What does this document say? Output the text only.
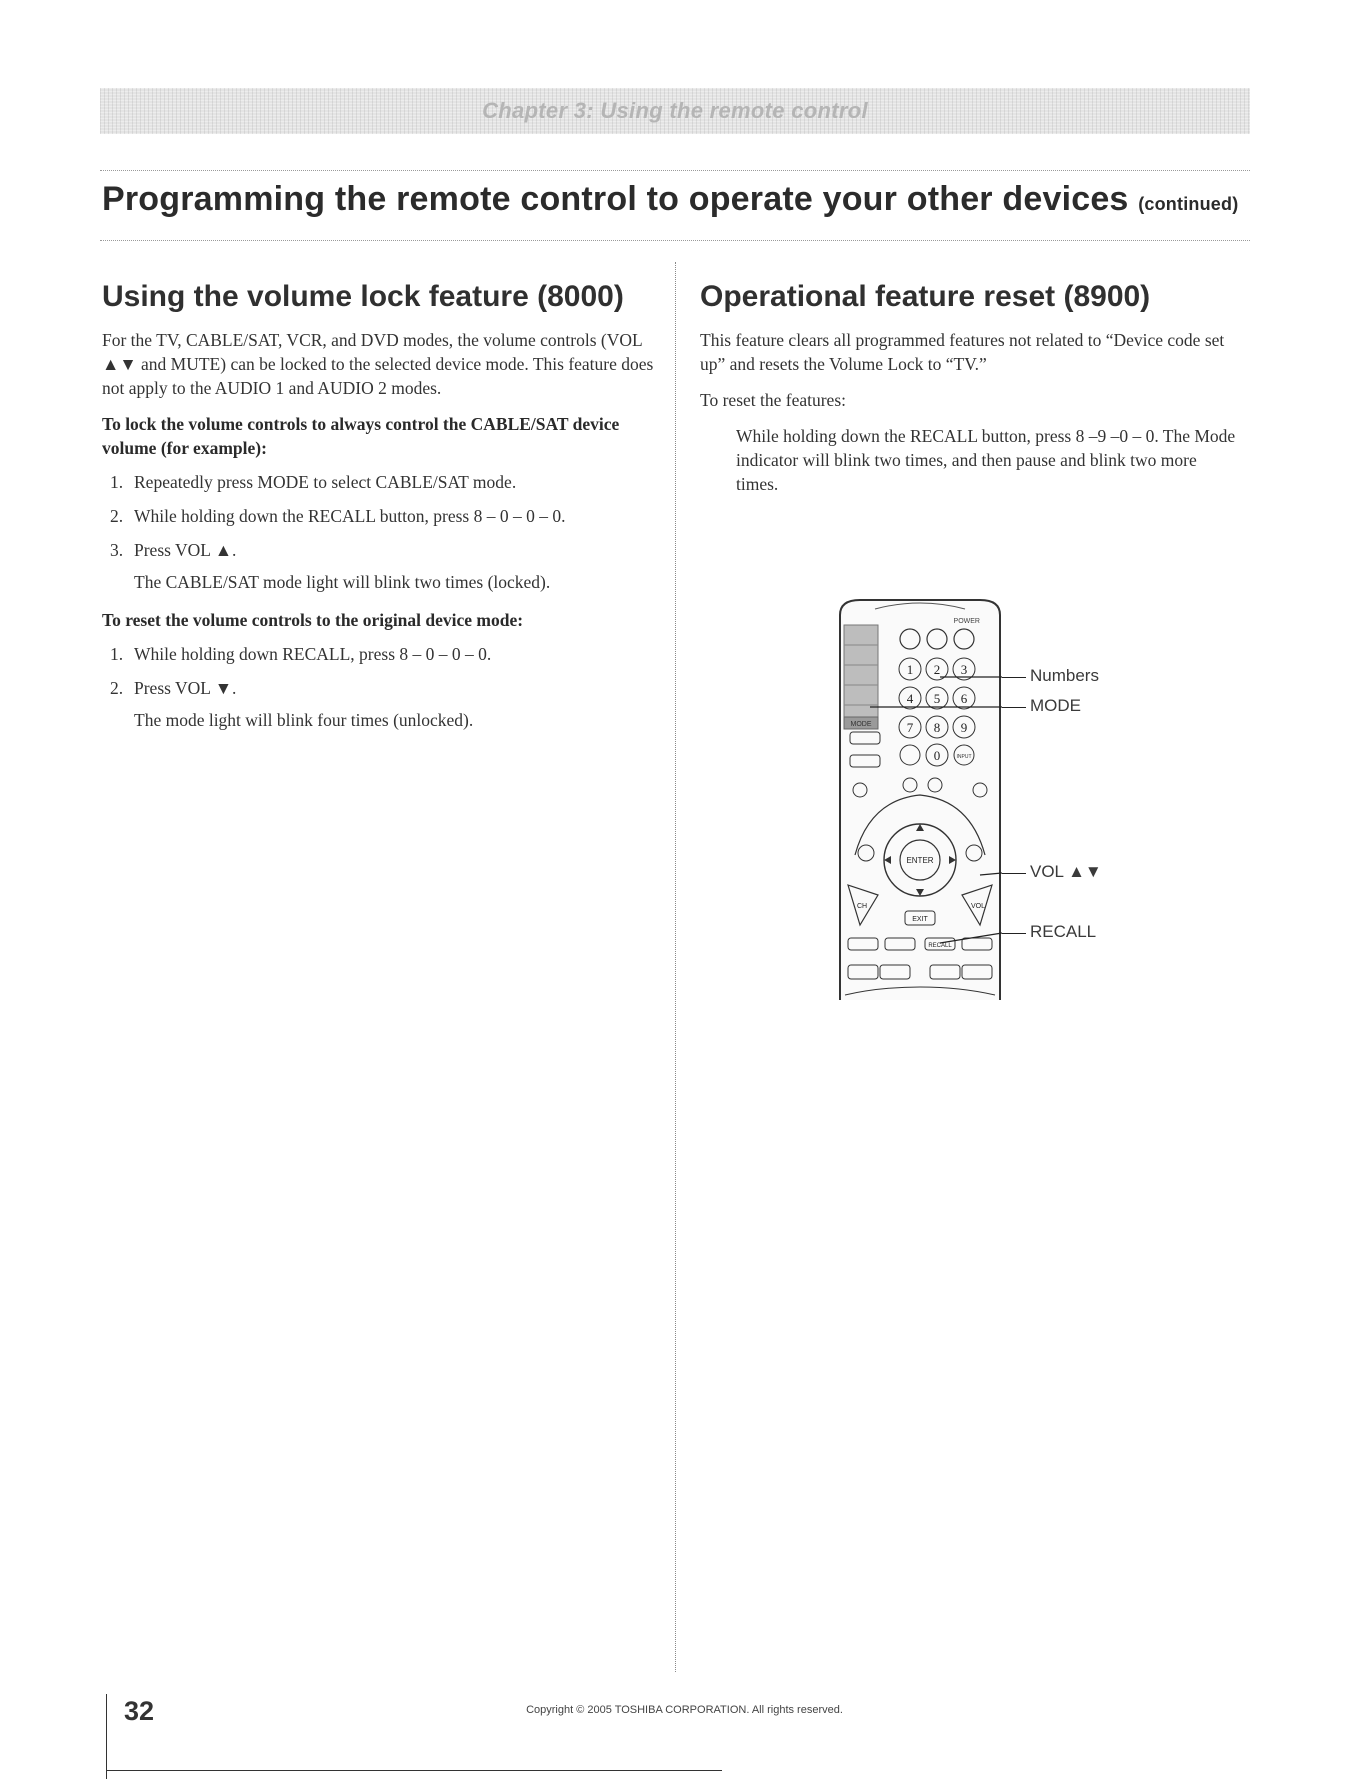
Chapter 3: Using the remote control
Programming the remote control to operate your other devices (continued)
Using the volume lock feature (8000)

For the TV, CABLE/SAT, VCR, and DVD modes, the volume controls (VOL ▲▼ and MUTE) can be locked to the selected device mode. This feature does not apply to the AUDIO 1 and AUDIO 2 modes.

To lock the volume controls to always control the CABLE/SAT device volume (for example):
1. Repeatedly press MODE to select CABLE/SAT mode.
2. While holding down the RECALL button, press 8 – 0 – 0 – 0.
3. Press VOL ▲.
The CABLE/SAT mode light will blink two times (locked).
To reset the volume controls to the original device mode:
1. While holding down RECALL, press 8 – 0 – 0 – 0.
2. Press VOL ▼.
The mode light will blink four times (unlocked).
Operational feature reset (8900)

This feature clears all programmed features not related to “Device code set up” and resets the Volume Lock to “TV.”

To reset the features:

While holding down the RECALL button, press 8 –9 –0 – 0. The Mode indicator will blink two times, and then pause and blink two more times.
MODE
POWER
1 2 3
4 5 6
7 8 9
0	INPUT
ENTER
CH	VOL
EXIT
RECALL
Numbers
MODE
VOL ▲▼
RECALL
32	Copyright © 2005 TOSHIBA CORPORATION. All rights reserved.
